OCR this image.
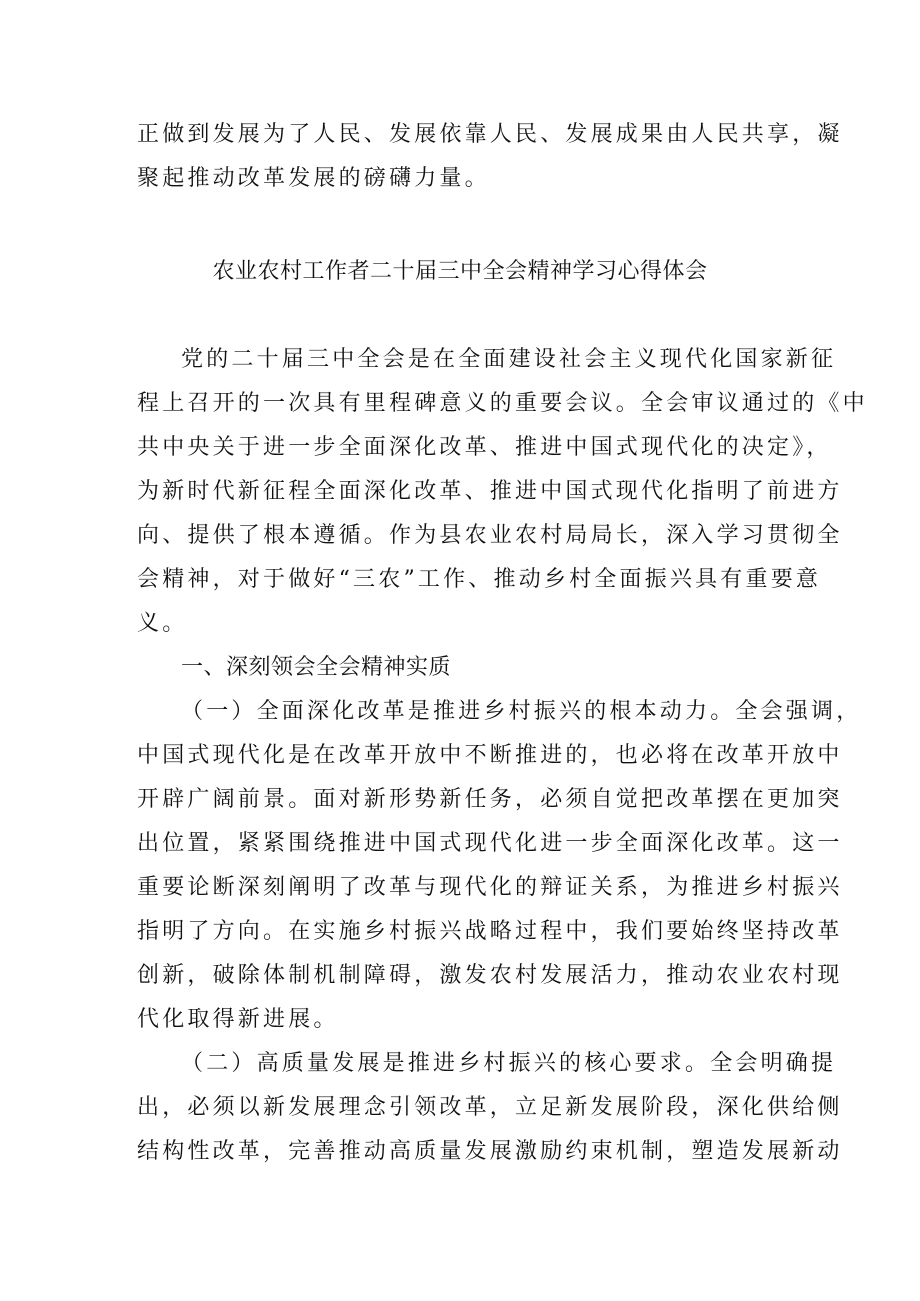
正做到发展为了人民、发展依靠人民、发展成果由人民共享，凝
聚起推动改革发展的磅礴力量。
农业农村工作者二十届三中全会精神学习心得体会
党的二十届三中全会是在全面建设社会主义现代化国家新征
程上召开的一次具有里程碑意义的重要会议。全会审议通过的《中
共中央关于进一步全面深化改革、推进中国式现代化的决定》，
为新时代新征程全面深化改革、推进中国式现代化指明了前进方
向、提供了根本遵循。作为县农业农村局局长，深入学习贯彻全
会精神，对于做好“三农”工作、推动乡村全面振兴具有重要意
义。
一、深刻领会全会精神实质
（一）全面深化改革是推进乡村振兴的根本动力。全会强调，
中国式现代化是在改革开放中不断推进的，也必将在改革开放中
开辟广阔前景。面对新形势新任务，必须自觉把改革摆在更加突
出位置，紧紧围绕推进中国式现代化进一步全面深化改革。这一
重要论断深刻阐明了改革与现代化的辩证关系，为推进乡村振兴
指明了方向。在实施乡村振兴战略过程中，我们要始终坚持改革
创新，破除体制机制障碍，激发农村发展活力，推动农业农村现
代化取得新进展。
（二）高质量发展是推进乡村振兴的核心要求。全会明确提
出，必须以新发展理念引领改革，立足新发展阶段，深化供给侧
结构性改革，完善推动高质量发展激励约束机制，塑造发展新动
